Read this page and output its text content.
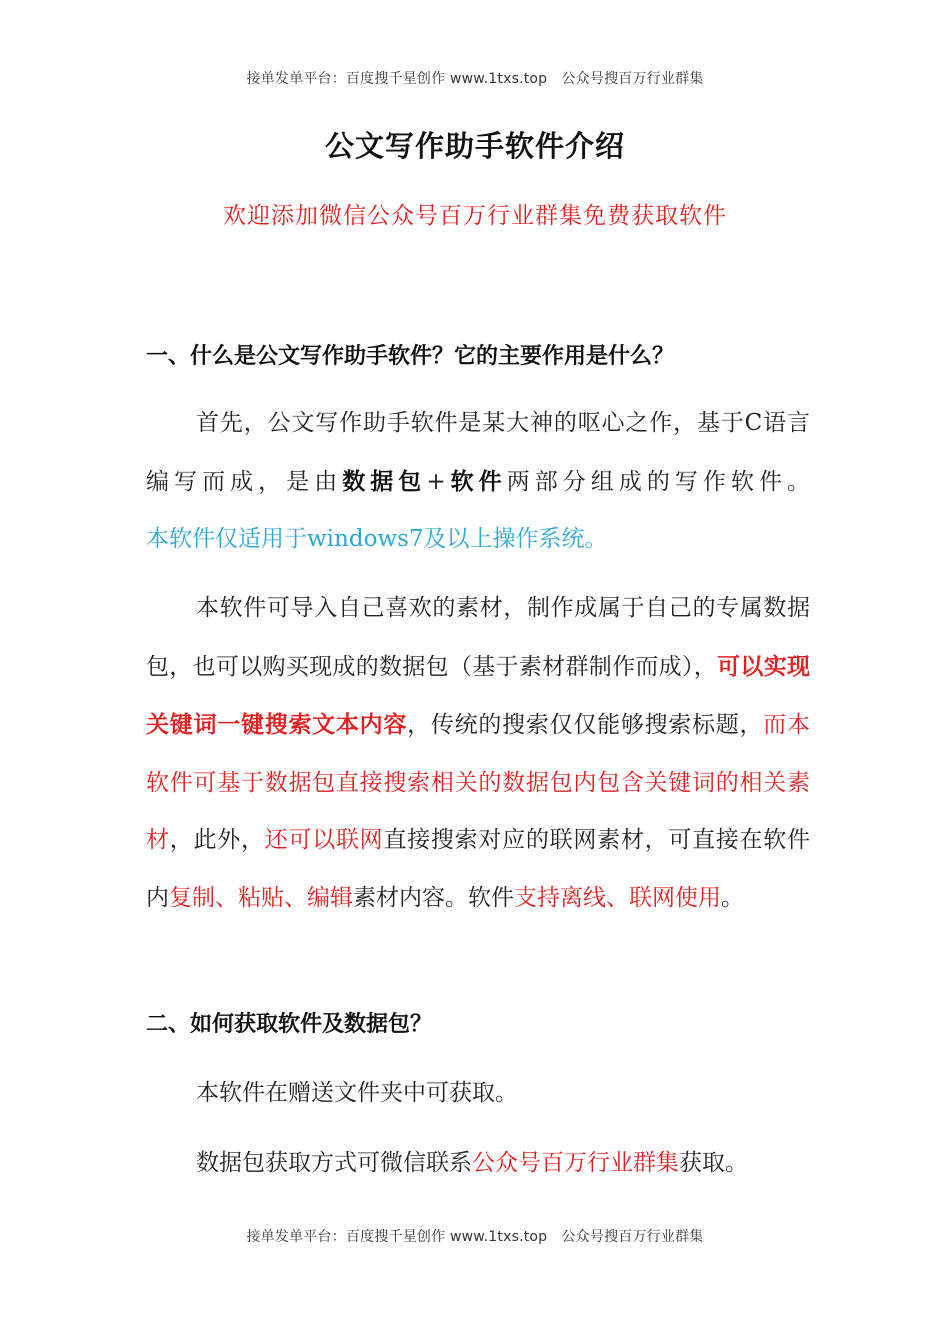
接单发单平台：百度搜千星创作 www.1txs.top　公众号搜百万行业群集
公文写作助手软件介绍
欢迎添加微信公众号百万行业群集免费获取软件
一、什么是公文写作助手软件？它的主要作用是什么？
首先，公文写作助手软件是某大神的呕心之作，基于C语言编写而成，是由数据包+软件两部分组成的写作软件。本软件仅适用于windows7及以上操作系统。
本软件可导入自己喜欢的素材，制作成属于自己的专属数据包，也可以购买现成的数据包（基于素材群制作而成），可以实现关键词一键搜索文本内容，传统的搜索仅仅能够搜索标题，而本软件可基于数据包直接搜索相关的数据包内包含关键词的相关素材，此外，还可以联网直接搜索对应的联网素材，可直接在软件内复制、粘贴、编辑素材内容。软件支持离线、联网使用。
二、如何获取软件及数据包？
本软件在赠送文件夹中可获取。
数据包获取方式可微信联系公众号百万行业群集获取。
接单发单平台：百度搜千星创作 www.1txs.top　公众号搜百万行业群集
